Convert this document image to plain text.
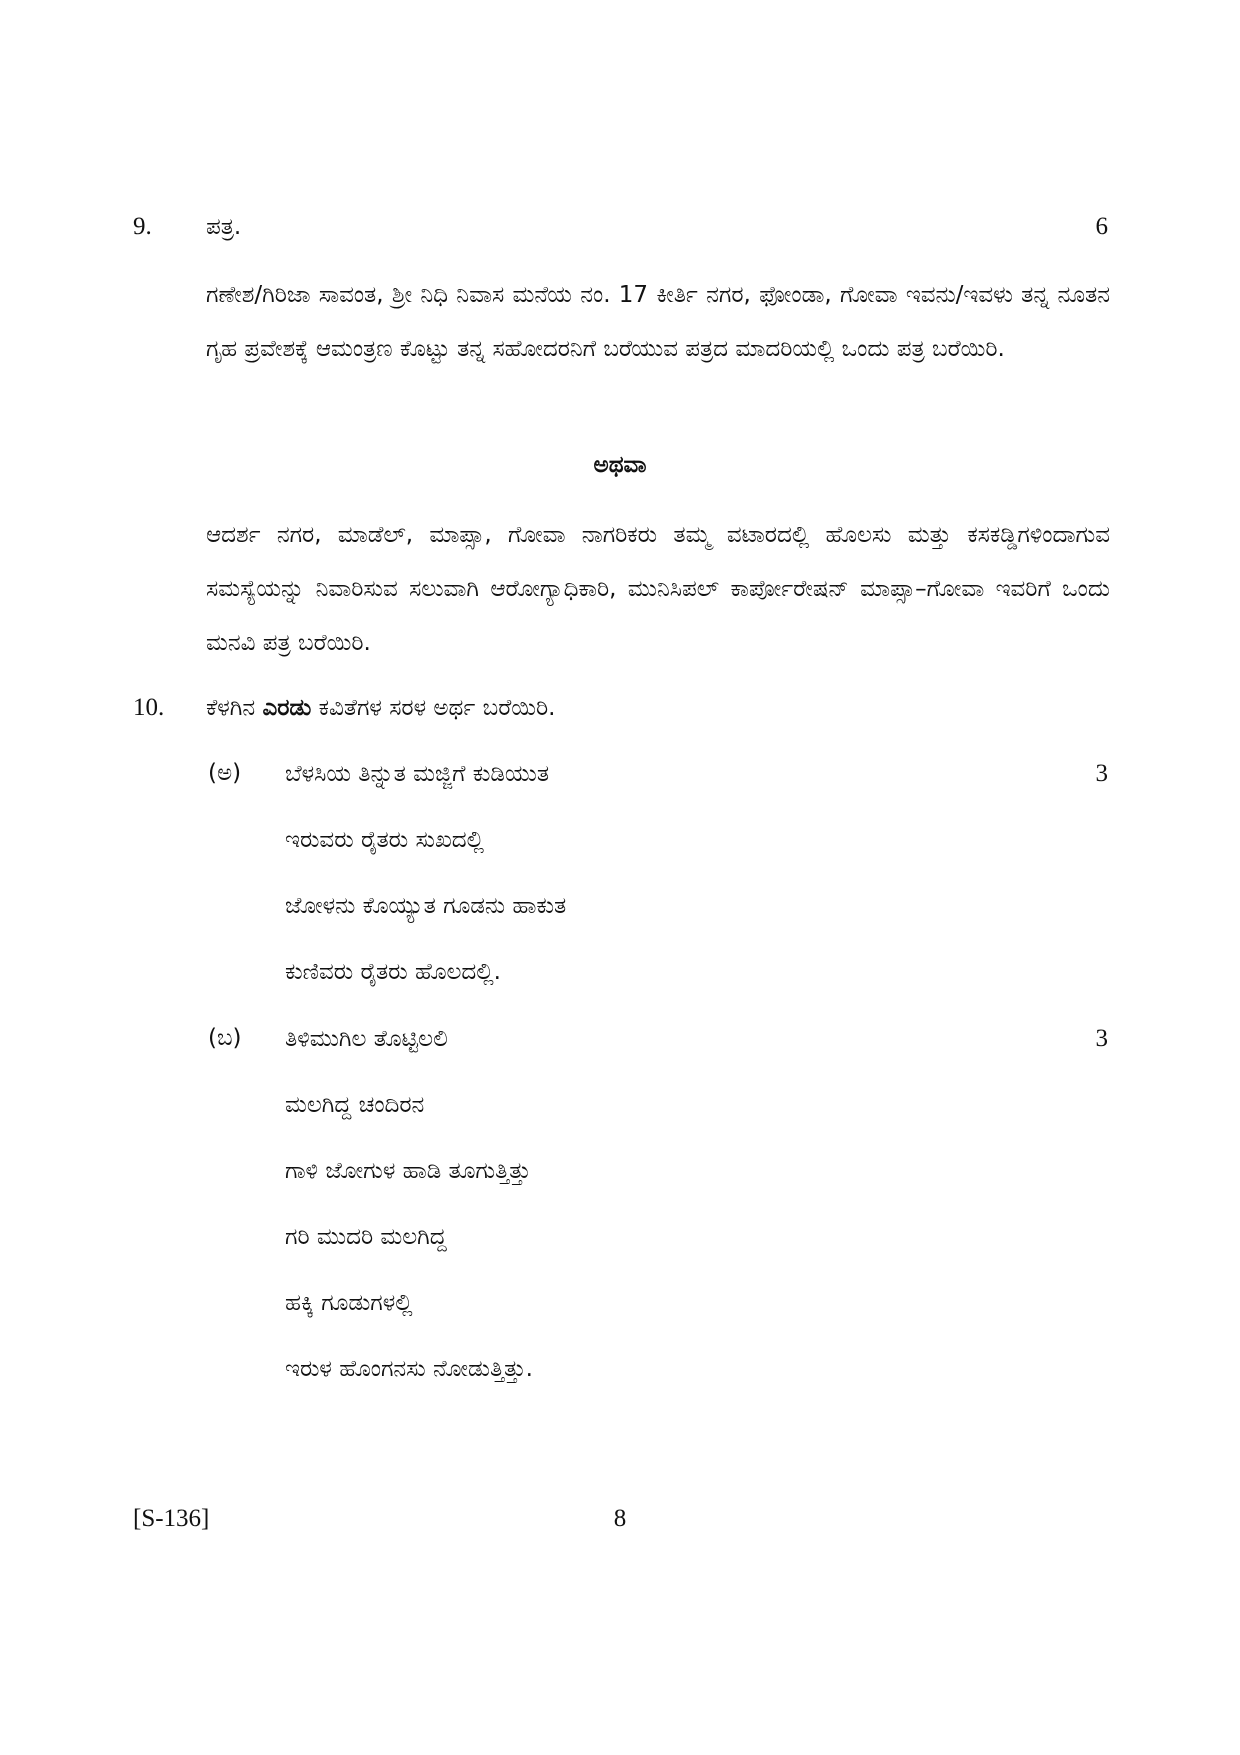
9. ಪತ್ರ.	6

ಗಣೇಶ/ಗಿರಿಜಾ ಸಾವಂತ, ಶ್ರೀ ನಿಧಿ ನಿವಾಸ ಮನೆಯ ನಂ. 17 ಕೀರ್ತಿ ನಗರ, ಫೋಂಡಾ, ಗೋವಾ ಇವನು/ಇವಳು ತನ್ನ ನೂತನ ಗೃಹ ಪ್ರವೇಶಕ್ಕೆ ಆಮಂತ್ರಣ ಕೊಟ್ಟು ತನ್ನ ಸಹೋದರನಿಗೆ ಬರೆಯುವ ಪತ್ರದ ಮಾದರಿಯಲ್ಲಿ ಒಂದು ಪತ್ರ ಬರೆಯಿರಿ.

ಅಥವಾ

ಆದರ್ಶ ನಗರ, ಮಾಡೆಲ್, ಮಾಪ್ಸಾ, ಗೋವಾ ನಾಗರಿಕರು ತಮ್ಮ ವಟಾರದಲ್ಲಿ ಹೊಲಸು ಮತ್ತು ಕಸಕಡ್ಡಿಗಳಿಂದಾಗುವ ಸಮಸ್ಯೆಯನ್ನು ನಿವಾರಿಸುವ ಸಲುವಾಗಿ ಆರೋಗ್ಯಾಧಿಕಾರಿ, ಮುನಿಸಿಪಲ್ ಕಾರ್ಪೋರೇಷನ್ ಮಾಪ್ಸಾ–ಗೋವಾ ಇವರಿಗೆ ಒಂದು ಮನವಿ ಪತ್ರ ಬರೆಯಿರಿ.

10. ಕೆಳಗಿನ ಎರಡು ಕವಿತೆಗಳ ಸರಳ ಅರ್ಥ ಬರೆಯಿರಿ.
(ಅ)	3
ಬೆಳಸಿಯ ತಿನ್ನುತ ಮಜ್ಜಿಗೆ ಕುಡಿಯುತ
ಇರುವರು ರೈತರು ಸುಖದಲ್ಲಿ
ಜೋಳನು ಕೊಯ್ಯುತ ಗೂಡನು ಹಾಕುತ
ಕುಣಿವರು ರೈತರು ಹೊಲದಲ್ಲಿ.
(ಬ)	3
ತಿಳಿಮುಗಿಲ ತೊಟ್ಟಿಲಲಿ
ಮಲಗಿದ್ದ ಚಂದಿರನ
ಗಾಳಿ ಜೋಗುಳ ಹಾಡಿ ತೂಗುತ್ತಿತ್ತು
ಗರಿ ಮುದರಿ ಮಲಗಿದ್ದ
ಹಕ್ಕಿ ಗೂಡುಗಳಲ್ಲಿ
ಇರುಳ ಹೊಂಗನಸು ನೋಡುತ್ತಿತ್ತು.
[S-136]	8
